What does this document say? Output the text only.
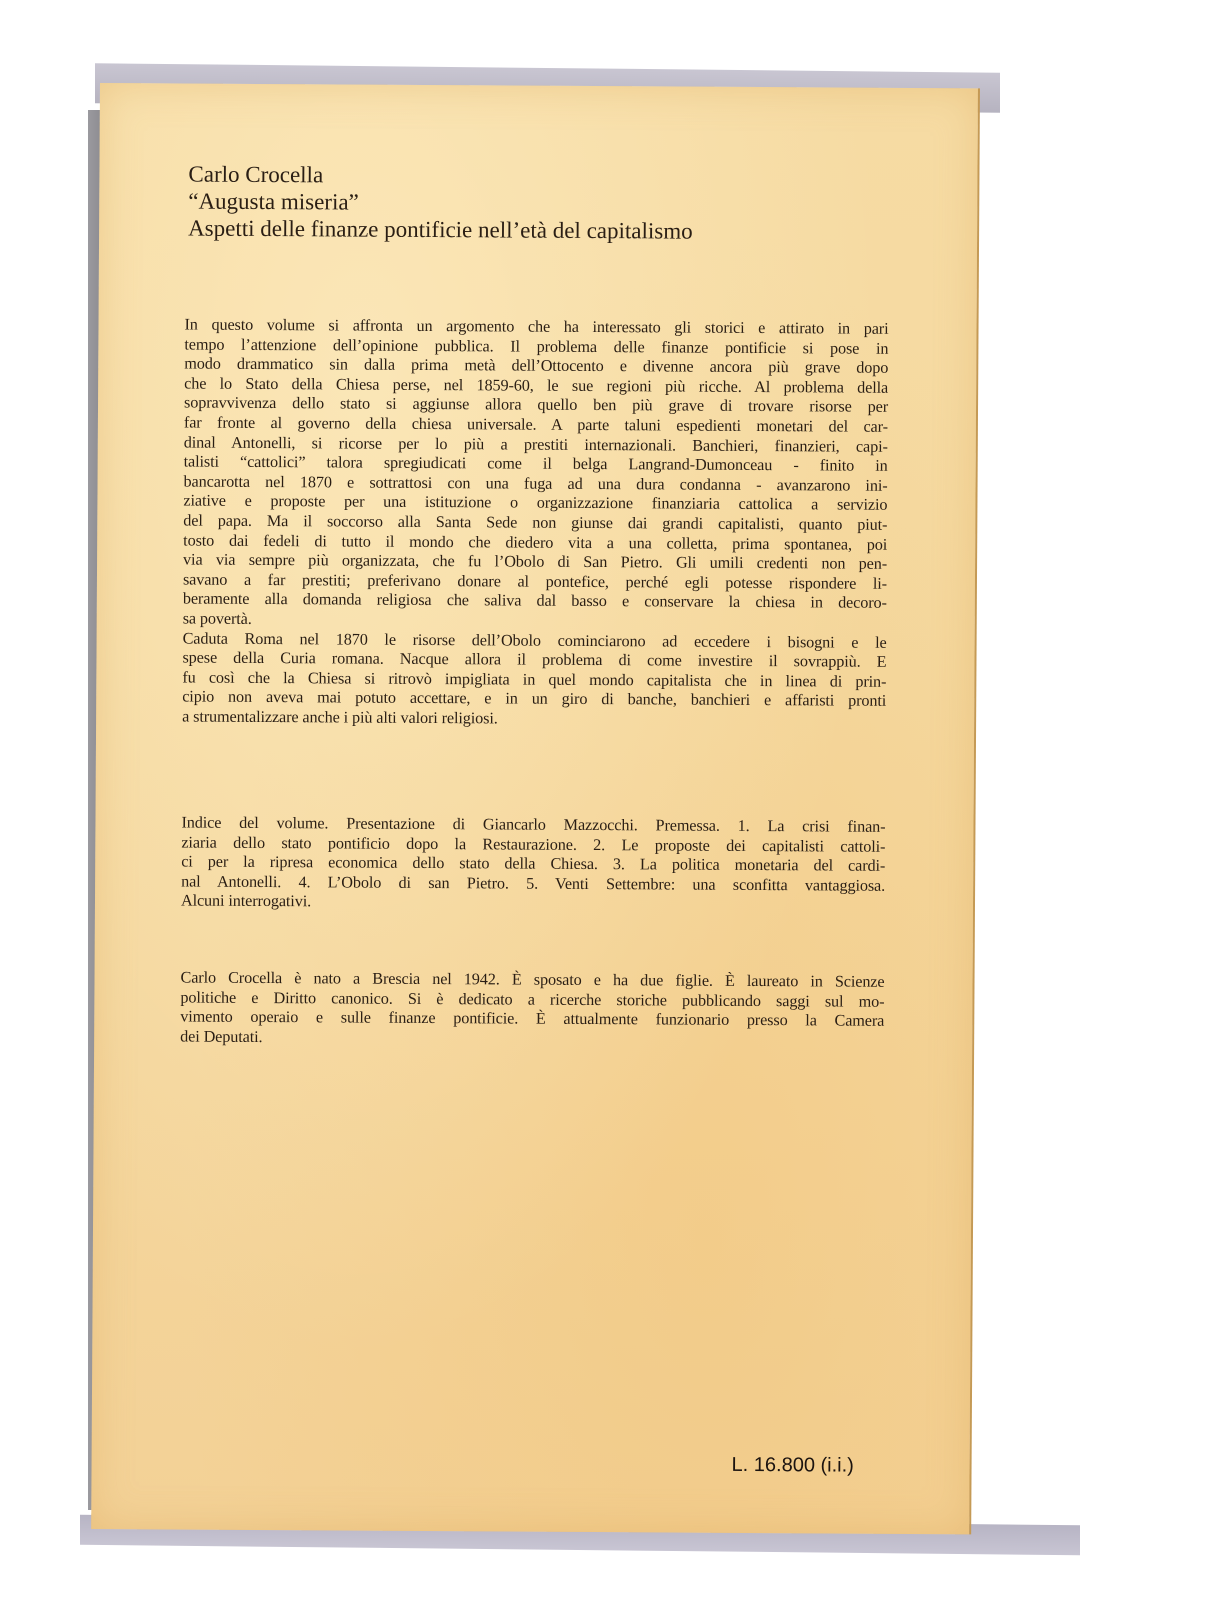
Carlo Crocella
“Augusta miseria”
Aspetti delle finanze pontificie nell’età del capitalismo
In questo volume si affronta un argomento che ha interessato gli storici e attirato in pari
tempo l’attenzione dell’opinione pubblica. Il problema delle finanze pontificie si pose in
modo drammatico sin dalla prima metà dell’Ottocento e divenne ancora più grave dopo
che lo Stato della Chiesa perse, nel 1859-60, le sue regioni più ricche. Al problema della
sopravvivenza dello stato si aggiunse allora quello ben più grave di trovare risorse per
far fronte al governo della chiesa universale. A parte taluni espedienti monetari del car-
dinal Antonelli, si ricorse per lo più a prestiti internazionali. Banchieri, finanzieri, capi-
talisti “cattolici” talora spregiudicati come il belga Langrand-Dumonceau - finito in
bancarotta nel 1870 e sottrattosi con una fuga ad una dura condanna - avanzarono ini-
ziative e proposte per una istituzione o organizzazione finanziaria cattolica a servizio
del papa. Ma il soccorso alla Santa Sede non giunse dai grandi capitalisti, quanto piut-
tosto dai fedeli di tutto il mondo che diedero vita a una colletta, prima spontanea, poi
via via sempre più organizzata, che fu l’Obolo di San Pietro. Gli umili credenti non pen-
savano a far prestiti; preferivano donare al pontefice, perché egli potesse rispondere li-
beramente alla domanda religiosa che saliva dal basso e conservare la chiesa in decoro-
sa povertà.
Caduta Roma nel 1870 le risorse dell’Obolo cominciarono ad eccedere i bisogni e le
spese della Curia romana. Nacque allora il problema di come investire il sovrappiù. E
fu così che la Chiesa si ritrovò impigliata in quel mondo capitalista che in linea di prin-
cipio non aveva mai potuto accettare, e in un giro di banche, banchieri e affaristi pronti
a strumentalizzare anche i più alti valori religiosi.
Indice del volume. Presentazione di Giancarlo Mazzocchi. Premessa. 1. La crisi finan-
ziaria dello stato pontificio dopo la Restaurazione. 2. Le proposte dei capitalisti cattoli-
ci per la ripresa economica dello stato della Chiesa. 3. La politica monetaria del cardi-
nal Antonelli. 4. L’Obolo di san Pietro. 5. Venti Settembre: una sconfitta vantaggiosa.
Alcuni interrogativi.
Carlo Crocella è nato a Brescia nel 1942. È sposato e ha due figlie. È laureato in Scienze
politiche e Diritto canonico. Si è dedicato a ricerche storiche pubblicando saggi sul mo-
vimento operaio e sulle finanze pontificie. È attualmente funzionario presso la Camera
dei Deputati.
L. 16.800 (i.i.)
